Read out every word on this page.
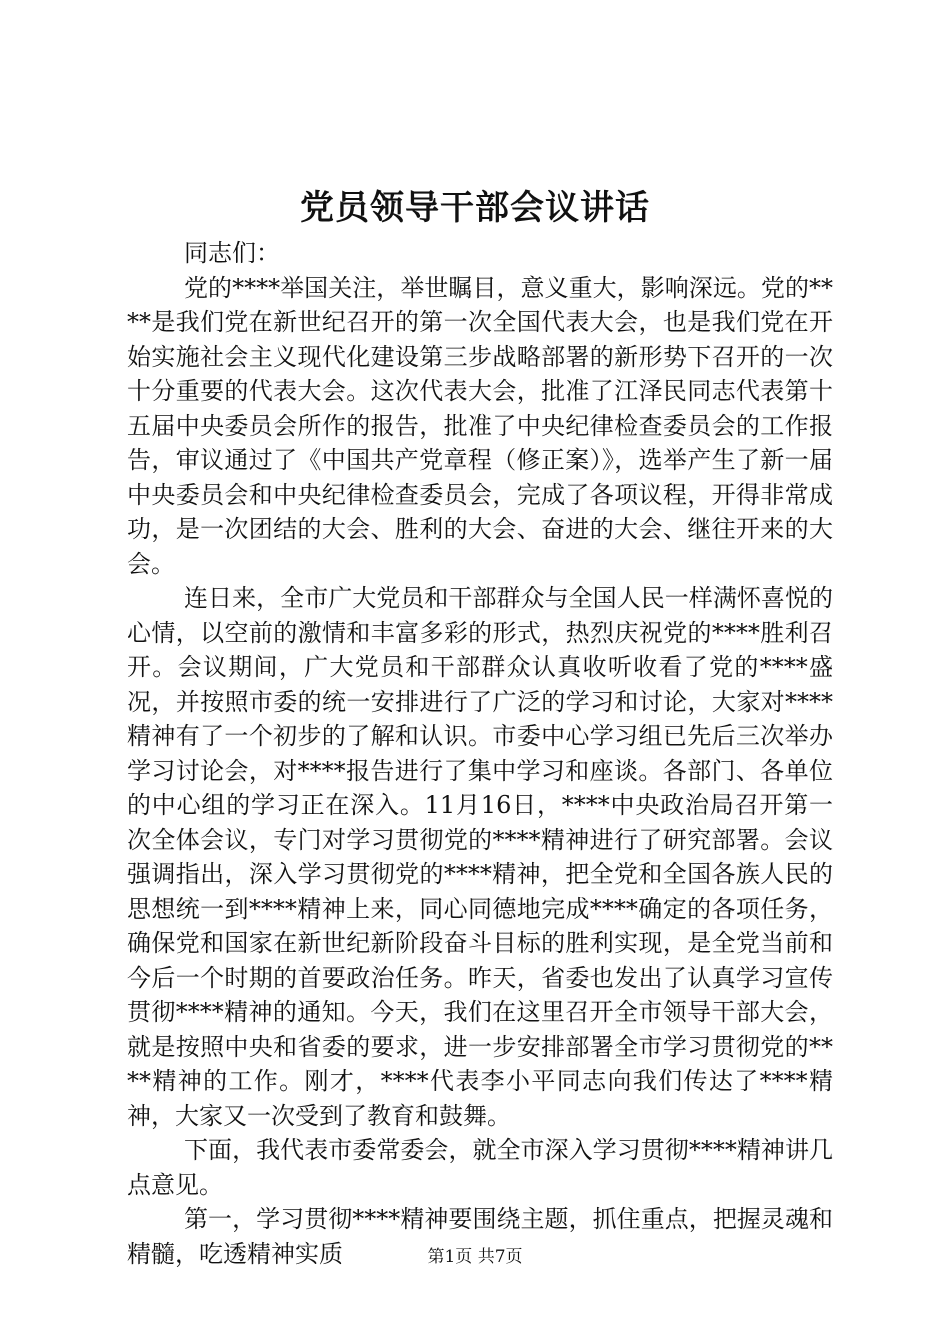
党员领导干部会议讲话

同志们：

党的****举国关注，举世瞩目，意义重大，影响深远。党的****是我们党在新世纪召开的第一次全国代表大会，也是我们党在开始实施社会主义现代化建设第三步战略部署的新形势下召开的一次十分重要的代表大会。这次代表大会，批准了江泽民同志代表第十五届中央委员会所作的报告，批准了中央纪律检查委员会的工作报告，审议通过了《中国共产党章程（修正案）》，选举产生了新一届中央委员会和中央纪律检查委员会，完成了各项议程，开得非常成功，是一次团结的大会、胜利的大会、奋进的大会、继往开来的大会。

连日来，全市广大党员和干部群众与全国人民一样满怀喜悦的心情，以空前的激情和丰富多彩的形式，热烈庆祝党的****胜利召开。会议期间，广大党员和干部群众认真收听收看了党的****盛况，并按照市委的统一安排进行了广泛的学习和讨论，大家对****精神有了一个初步的了解和认识。市委中心学习组已先后三次举办学习讨论会，对****报告进行了集中学习和座谈。各部门、各单位的中心组的学习正在深入。11月16日，****中央政治局召开第一次全体会议，专门对学习贯彻党的****精神进行了研究部署。会议强调指出，深入学习贯彻党的****精神，把全党和全国各族人民的思想统一到****精神上来，同心同德地完成****确定的各项任务，确保党和国家在新世纪新阶段奋斗目标的胜利实现，是全党当前和今后一个时期的首要政治任务。昨天，省委也发出了认真学习宣传贯彻****精神的通知。今天，我们在这里召开全市领导干部大会，就是按照中央和省委的要求，进一步安排部署全市学习贯彻党的****精神的工作。刚才，****代表李小平同志向我们传达了****精神，大家又一次受到了教育和鼓舞。

下面，我代表市委常委会，就全市深入学习贯彻****精神讲几点意见。

第一，学习贯彻****精神要围绕主题，抓住重点，把握灵魂和精髓，吃透精神实质	第1页 共7页
